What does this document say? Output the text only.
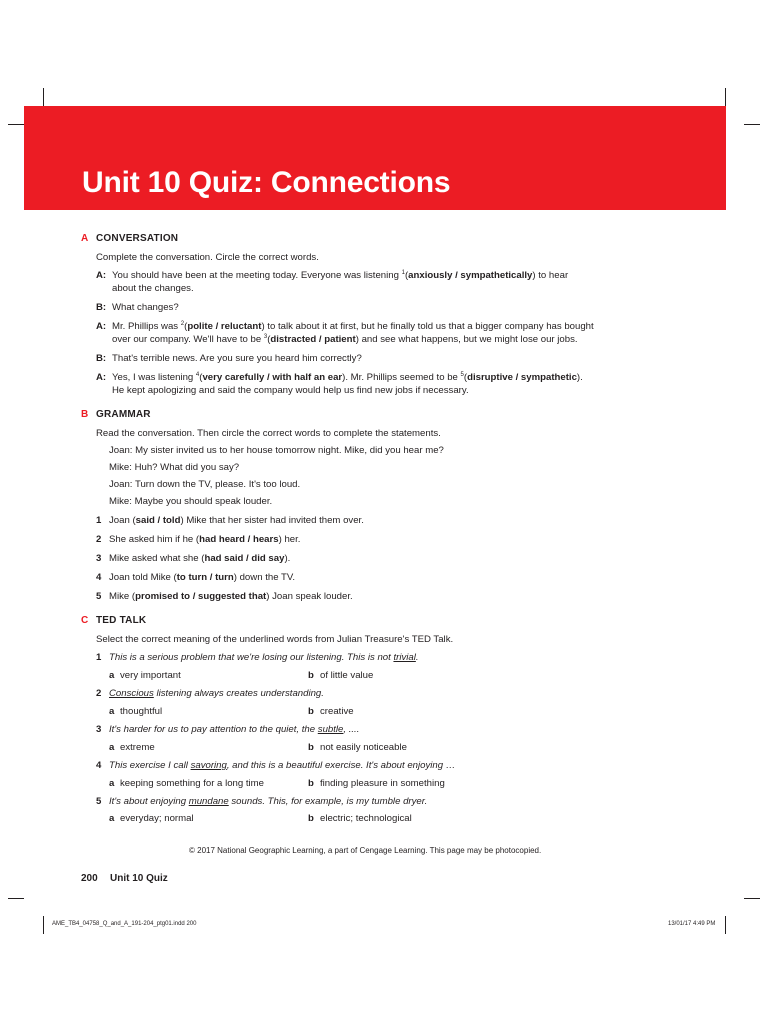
Unit 10 Quiz: Connections
A CONVERSATION
Complete the conversation. Circle the correct words.
A: You should have been at the meeting today. Everyone was listening $^1$(anxiously / sympathetically) to hear
about the changes.
B: What changes?
A: Mr. Phillips was $^2$(polite / reluctant) to talk about it at first, but he finally told us that a bigger company has bought
over our company. We'll have to be $^3$(distracted / patient) and see what happens, but we might lose our jobs.
B: That's terrible news. Are you sure you heard him correctly?
A: Yes, I was listening $^4$(very carefully / with half an ear). Mr. Phillips seemed to be $^5$(disruptive / sympathetic).
He kept apologizing and said the company would help us find new jobs if necessary.
B GRAMMAR
Read the conversation. Then circle the correct words to complete the statements.
Joan: My sister invited us to her house tomorrow night. Mike, did you hear me?
Mike: Huh? What did you say?
Joan: Turn down the TV, please. It's too loud.
Mike: Maybe you should speak louder.
1 Joan (said / told) Mike that her sister had invited them over.
2 She asked him if he (had heard / hears) her.
3 Mike asked what she (had said / did say).
4 Joan told Mike (to turn / turn) down the TV.
5 Mike (promised to / suggested that) Joan speak louder.
C TED TALK
Select the correct meaning of the underlined words from Julian Treasure's TED Talk.
1 This is a serious problem that we're losing our listening. This is not trivial.
a very important	b of little value
2 Conscious listening always creates understanding.
a thoughtful	b creative
3 It's harder for us to pay attention to the quiet, the subtle, ....
a extreme	b not easily noticeable
4 This exercise I call savoring, and this is a beautiful exercise. It's about enjoying …
a keeping something for a long time	b finding pleasure in something
5 It's about enjoying mundane sounds. This, for example, is my tumble dryer.
a everyday; normal	b electric; technological
© 2017 National Geographic Learning, a part of Cengage Learning. This page may be photocopied.
200 Unit 10 Quiz
AME_TB4_04758_Q_and_A_191-204_ptg01.indd 200	13/01/17 4:49 PM
